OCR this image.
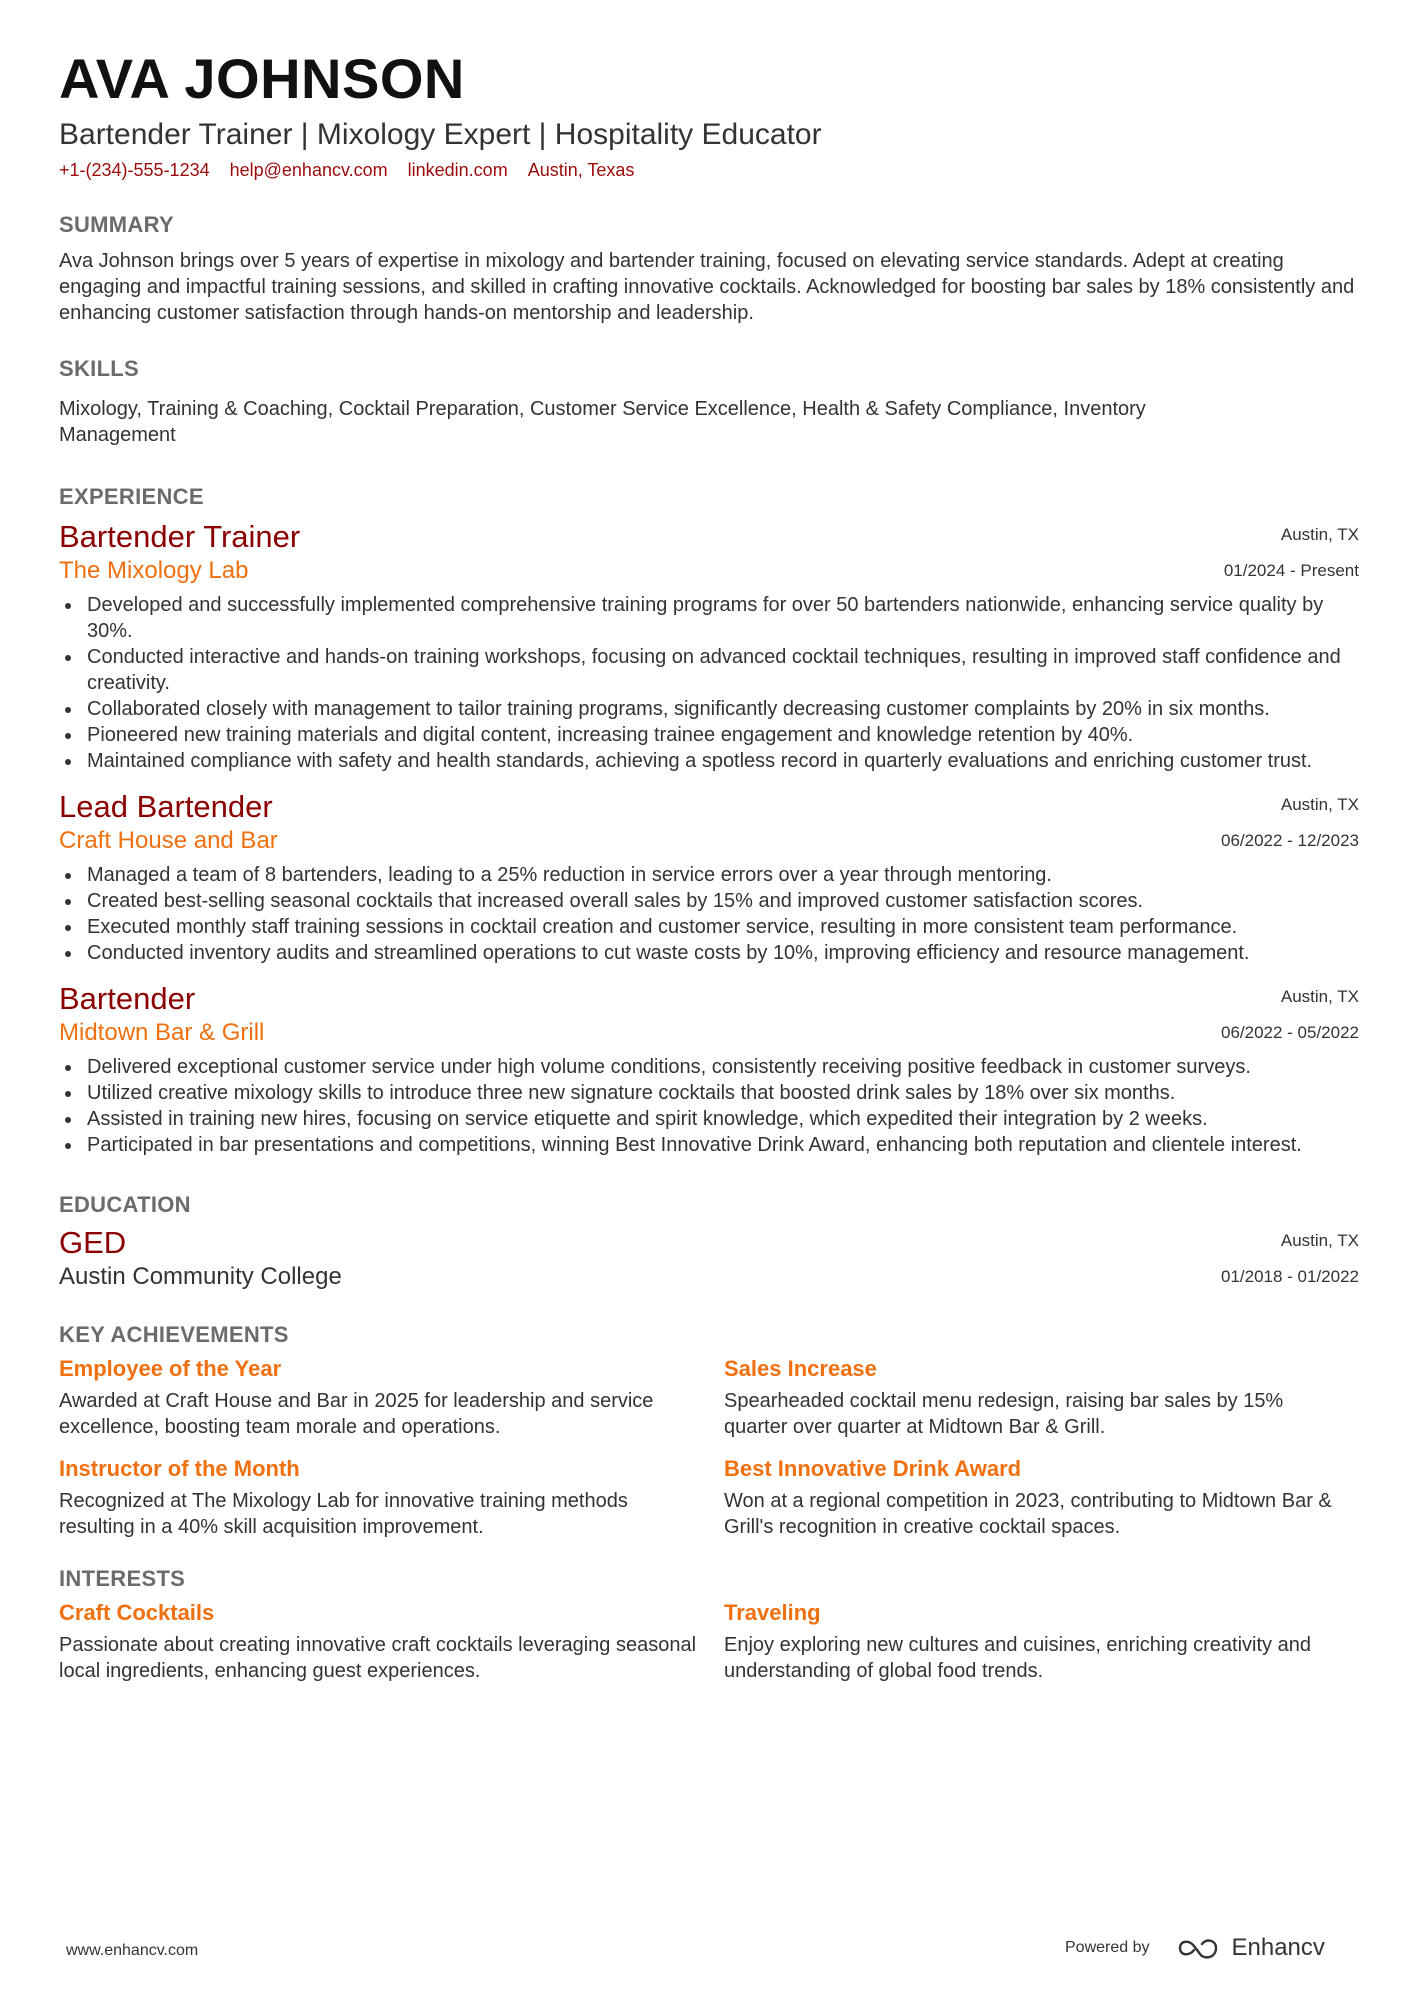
AVA JOHNSON
Bartender Trainer | Mixology Expert | Hospitality Educator
+1-(234)-555-1234 help@enhancv.com linkedin.com Austin, Texas
SUMMARY
Ava Johnson brings over 5 years of expertise in mixology and bartender training, focused on elevating service standards. Adept at creating engaging and impactful training sessions, and skilled in crafting innovative cocktails. Acknowledged for boosting bar sales by 18% consistently and enhancing customer satisfaction through hands-on mentorship and leadership.
SKILLS
Mixology, Training & Coaching, Cocktail Preparation, Customer Service Excellence, Health & Safety Compliance, Inventory Management
EXPERIENCE
Bartender Trainer
The Mixology Lab
Austin, TX
01/2024 - Present
Developed and successfully implemented comprehensive training programs for over 50 bartenders nationwide, enhancing service quality by 30%.
Conducted interactive and hands-on training workshops, focusing on advanced cocktail techniques, resulting in improved staff confidence and creativity.
Collaborated closely with management to tailor training programs, significantly decreasing customer complaints by 20% in six months.
Pioneered new training materials and digital content, increasing trainee engagement and knowledge retention by 40%.
Maintained compliance with safety and health standards, achieving a spotless record in quarterly evaluations and enriching customer trust.
Lead Bartender
Craft House and Bar
Austin, TX
06/2022 - 12/2023
Managed a team of 8 bartenders, leading to a 25% reduction in service errors over a year through mentoring.
Created best-selling seasonal cocktails that increased overall sales by 15% and improved customer satisfaction scores.
Executed monthly staff training sessions in cocktail creation and customer service, resulting in more consistent team performance.
Conducted inventory audits and streamlined operations to cut waste costs by 10%, improving efficiency and resource management.
Bartender
Midtown Bar & Grill
Austin, TX
06/2022 - 05/2022
Delivered exceptional customer service under high volume conditions, consistently receiving positive feedback in customer surveys.
Utilized creative mixology skills to introduce three new signature cocktails that boosted drink sales by 18% over six months.
Assisted in training new hires, focusing on service etiquette and spirit knowledge, which expedited their integration by 2 weeks.
Participated in bar presentations and competitions, winning Best Innovative Drink Award, enhancing both reputation and clientele interest.
EDUCATION
GED
Austin Community College
Austin, TX
01/2018 - 01/2022
KEY ACHIEVEMENTS
Employee of the Year
Awarded at Craft House and Bar in 2025 for leadership and service excellence, boosting team morale and operations.
Sales Increase
Spearheaded cocktail menu redesign, raising bar sales by 15% quarter over quarter at Midtown Bar & Grill.
Instructor of the Month
Recognized at The Mixology Lab for innovative training methods resulting in a 40% skill acquisition improvement.
Best Innovative Drink Award
Won at a regional competition in 2023, contributing to Midtown Bar & Grill's recognition in creative cocktail spaces.
INTERESTS
Craft Cocktails
Passionate about creating innovative craft cocktails leveraging seasonal local ingredients, enhancing guest experiences.
Traveling
Enjoy exploring new cultures and cuisines, enriching creativity and understanding of global food trends.
www.enhancv.com	Powered by	Enhancv
